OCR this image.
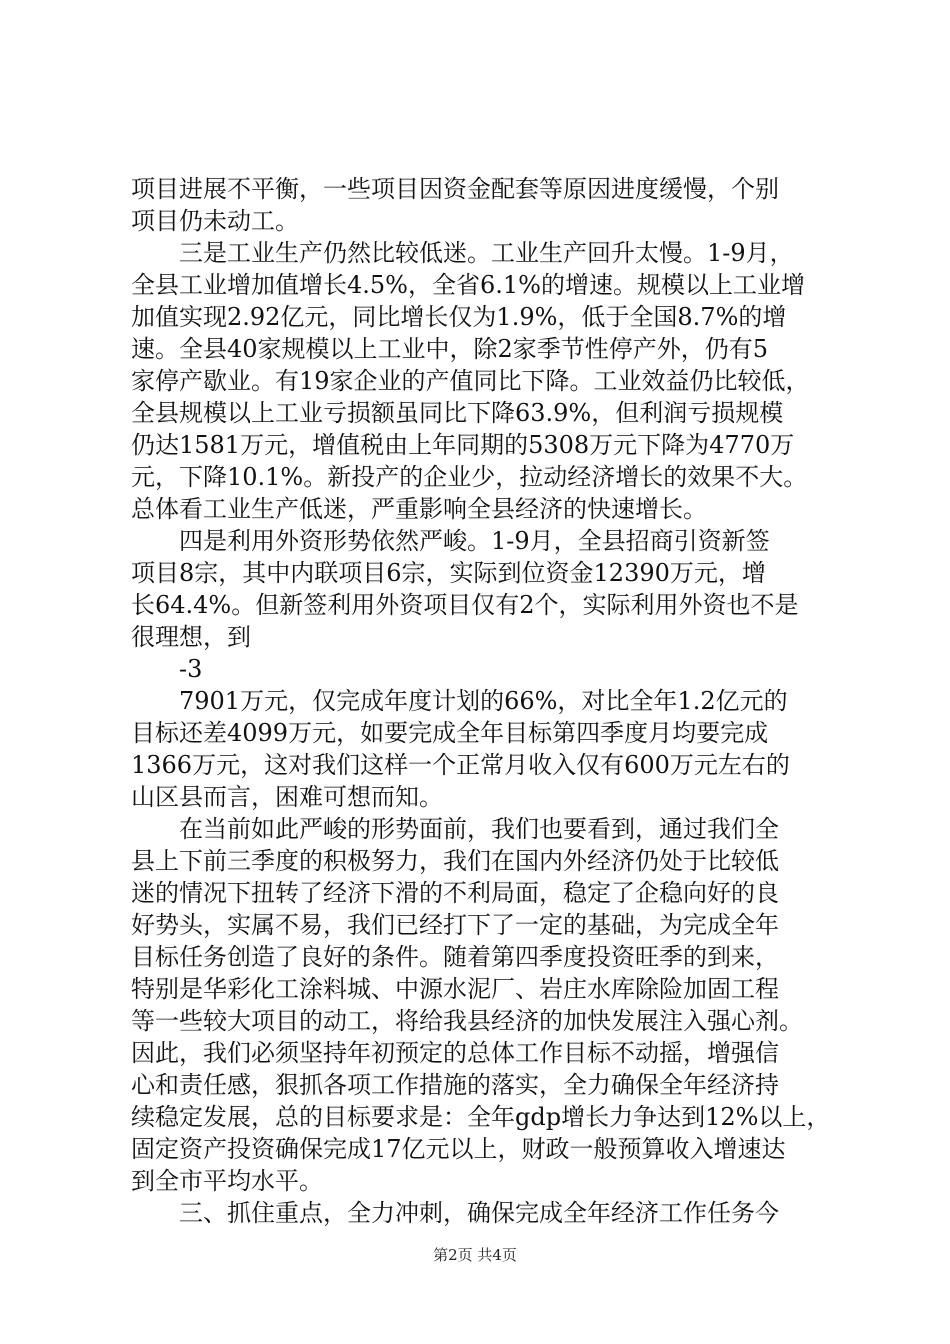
项目进展不平衡，一些项目因资金配套等原因进度缓慢，个别
项目仍未动工。
三是工业生产仍然比较低迷。工业生产回升太慢。1-9月，
全县工业增加值增长4.5%，全省6.1%的增速。规模以上工业增
加值实现2.92亿元，同比增长仅为1.9%，低于全国8.7%的增
速。全县40家规模以上工业中，除2家季节性停产外，仍有5
家停产歇业。有19家企业的产值同比下降。工业效益仍比较低，
全县规模以上工业亏损额虽同比下降63.9%，但利润亏损规模
仍达1581万元，增值税由上年同期的5308万元下降为4770万
元，下降10.1%。新投产的企业少，拉动经济增长的效果不大。
总体看工业生产低迷，严重影响全县经济的快速增长。
四是利用外资形势依然严峻。1-9月，全县招商引资新签
项目8宗，其中内联项目6宗，实际到位资金12390万元，增
长64.4%。但新签利用外资项目仅有2个，实际利用外资也不是
很理想，到
-3
7901万元，仅完成年度计划的66%，对比全年1.2亿元的
目标还差4099万元，如要完成全年目标第四季度月均要完成
1366万元，这对我们这样一个正常月收入仅有600万元左右的
山区县而言，困难可想而知。
在当前如此严峻的形势面前，我们也要看到，通过我们全
县上下前三季度的积极努力，我们在国内外经济仍处于比较低
迷的情况下扭转了经济下滑的不利局面，稳定了企稳向好的良
好势头，实属不易，我们已经打下了一定的基础，为完成全年
目标任务创造了良好的条件。随着第四季度投资旺季的到来，
特别是华彩化工涂料城、中源水泥厂、岩庄水库除险加固工程
等一些较大项目的动工，将给我县经济的加快发展注入强心剂。
因此，我们必须坚持年初预定的总体工作目标不动摇，增强信
心和责任感，狠抓各项工作措施的落实，全力确保全年经济持
续稳定发展，总的目标要求是：全年gdp增长力争达到12%以上，
固定资产投资确保完成17亿元以上，财政一般预算收入增速达
到全市平均水平。
三、抓住重点，全力冲刺，确保完成全年经济工作任务今
第2页 共4页
